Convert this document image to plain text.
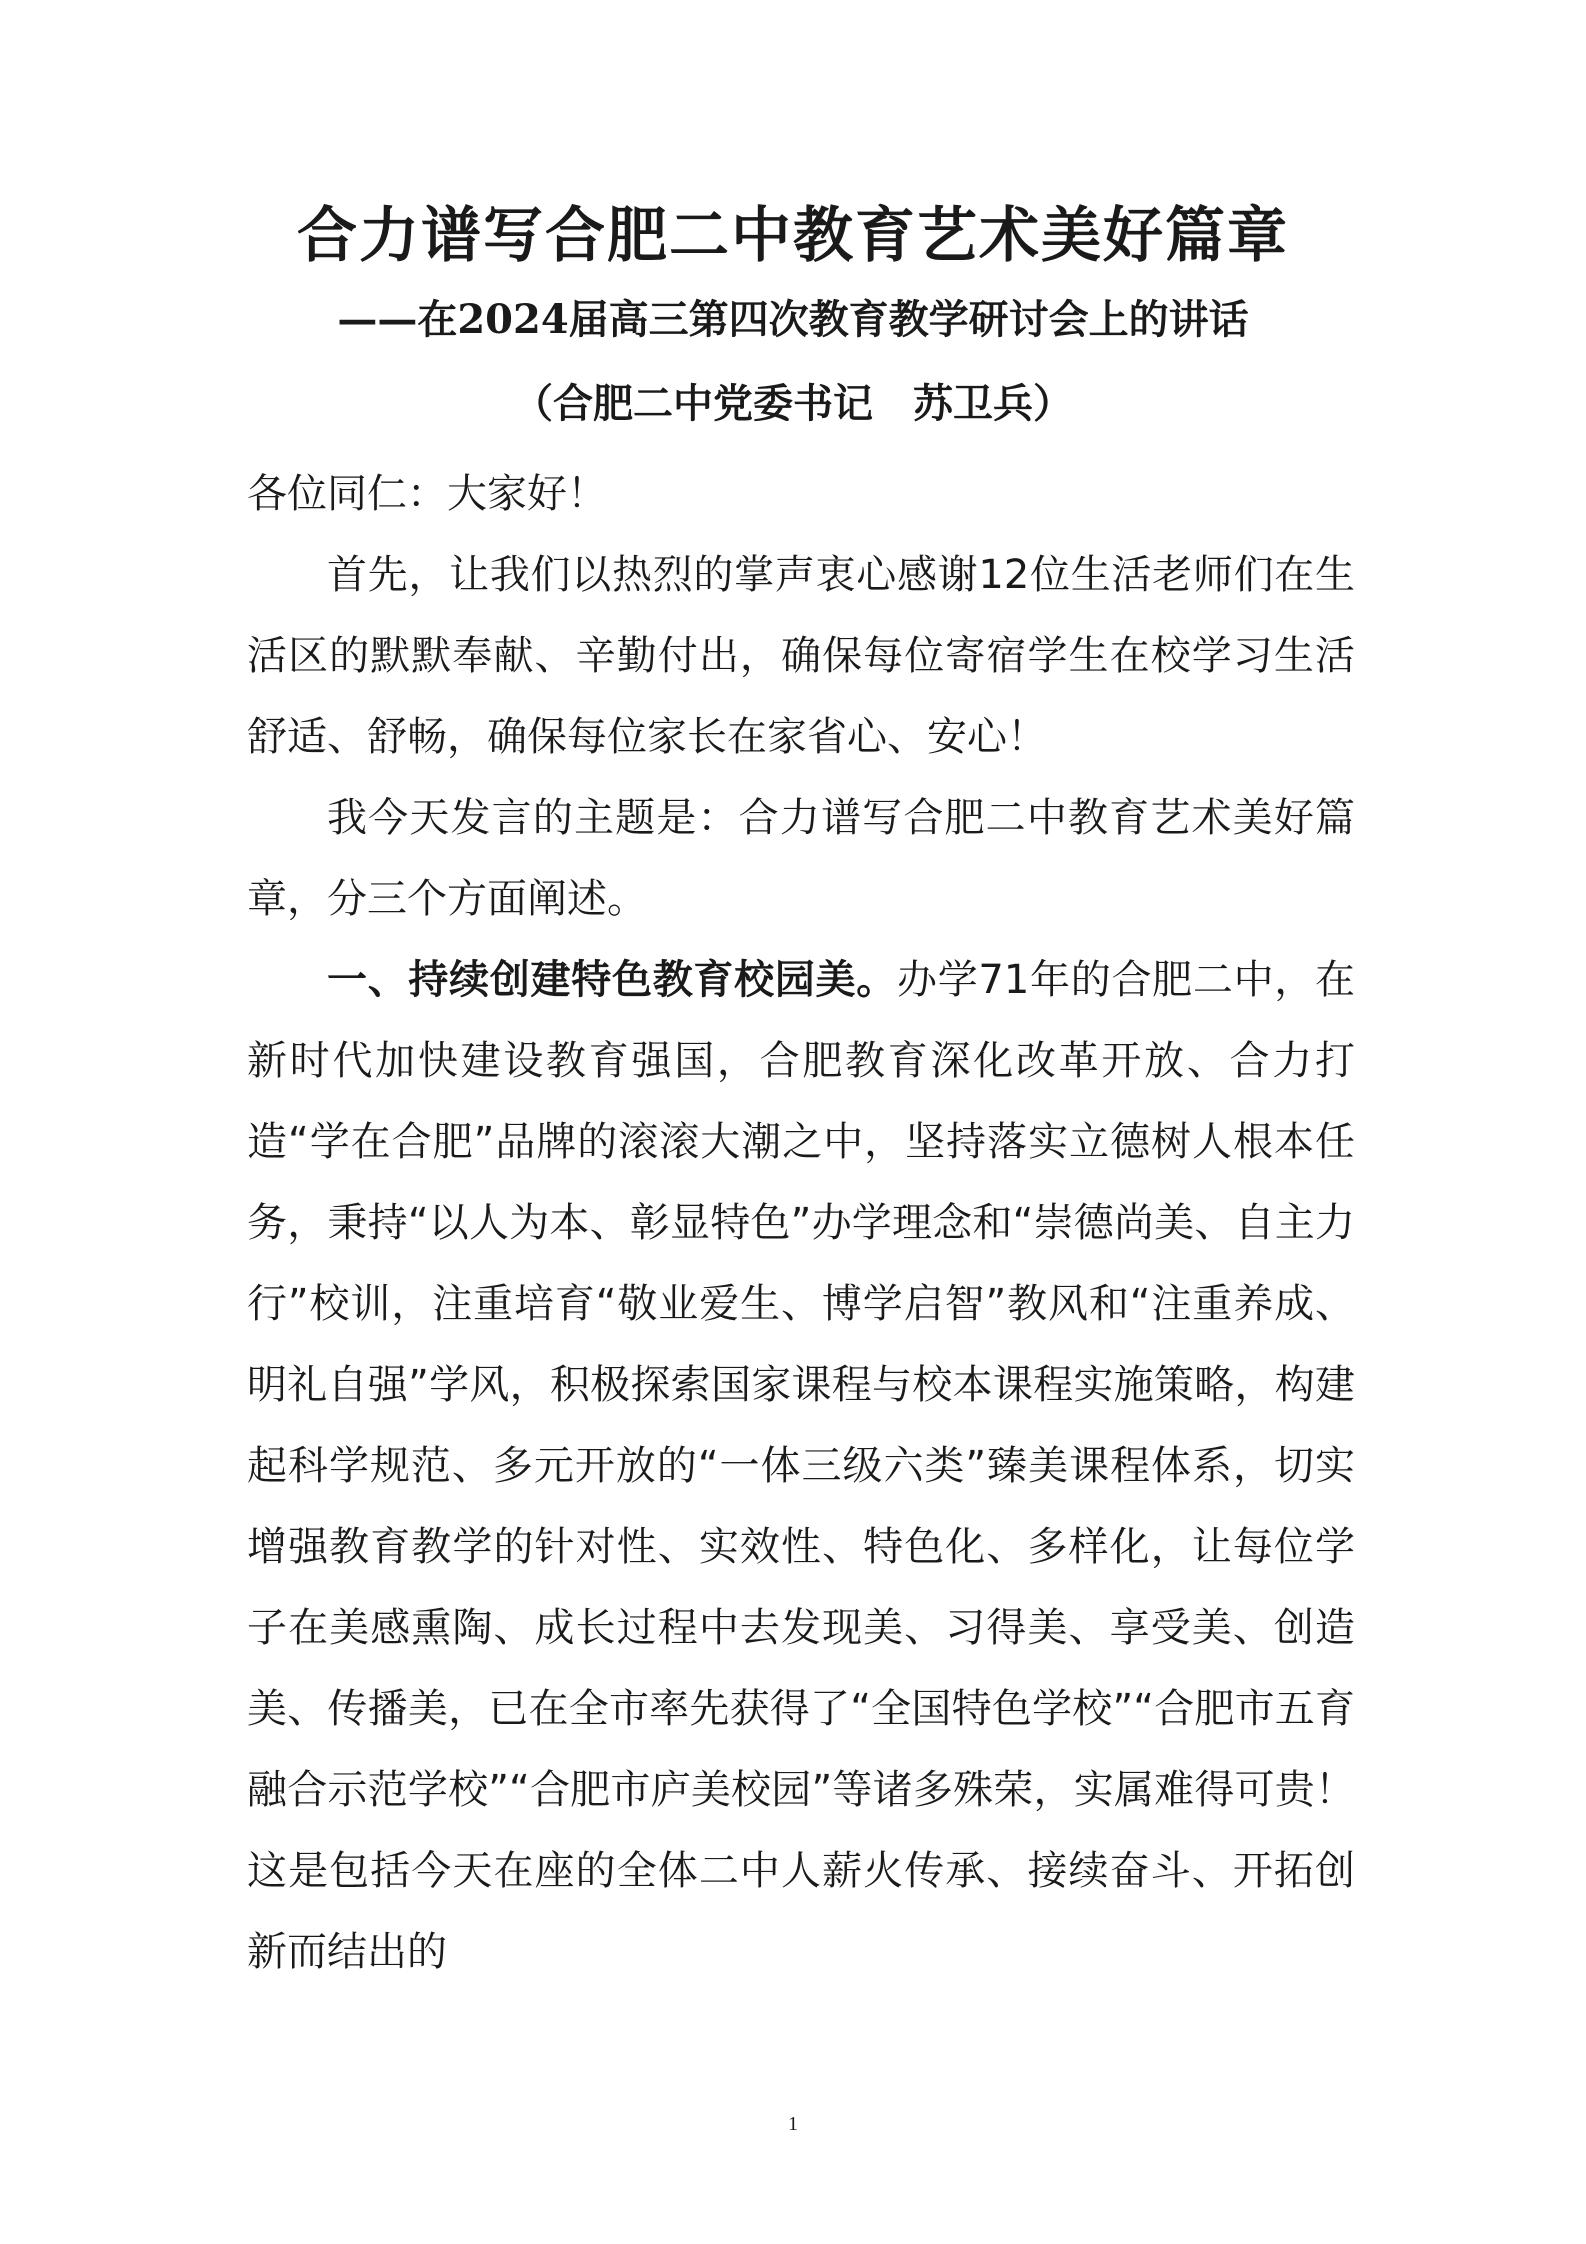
合力谱写合肥二中教育艺术美好篇章
——在2024届高三第四次教育教学研讨会上的讲话
（合肥二中党委书记　苏卫兵）

各位同仁：大家好！

首先，让我们以热烈的掌声衷心感谢12位生活老师们在生活区的默默奉献、辛勤付出，确保每位寄宿学生在校学习生活舒适、舒畅，确保每位家长在家省心、安心！

我今天发言的主题是：合力谱写合肥二中教育艺术美好篇章，分三个方面阐述。

一、持续创建特色教育校园美。办学71年的合肥二中，在新时代加快建设教育强国，合肥教育深化改革开放、合力打造“学在合肥”品牌的滚滚大潮之中，坚持落实立德树人根本任务，秉持“以人为本、彰显特色”办学理念和“崇德尚美、自主力行”校训，注重培育“敬业爱生、博学启智”教风和“注重养成、明礼自强”学风，积极探索国家课程与校本课程实施策略，构建起科学规范、多元开放的“一体三级六类”臻美课程体系，切实增强教育教学的针对性、实效性、特色化、多样化，让每位学子在美感熏陶、成长过程中去发现美、习得美、享受美、创造美、传播美，已在全市率先获得了“全国特色学校”“合肥市五育融合示范学校”“合肥市庐美校园”等诸多殊荣，实属难得可贵！这是包括今天在座的全体二中人薪火传承、接续奋斗、开拓创新而结出的

1
